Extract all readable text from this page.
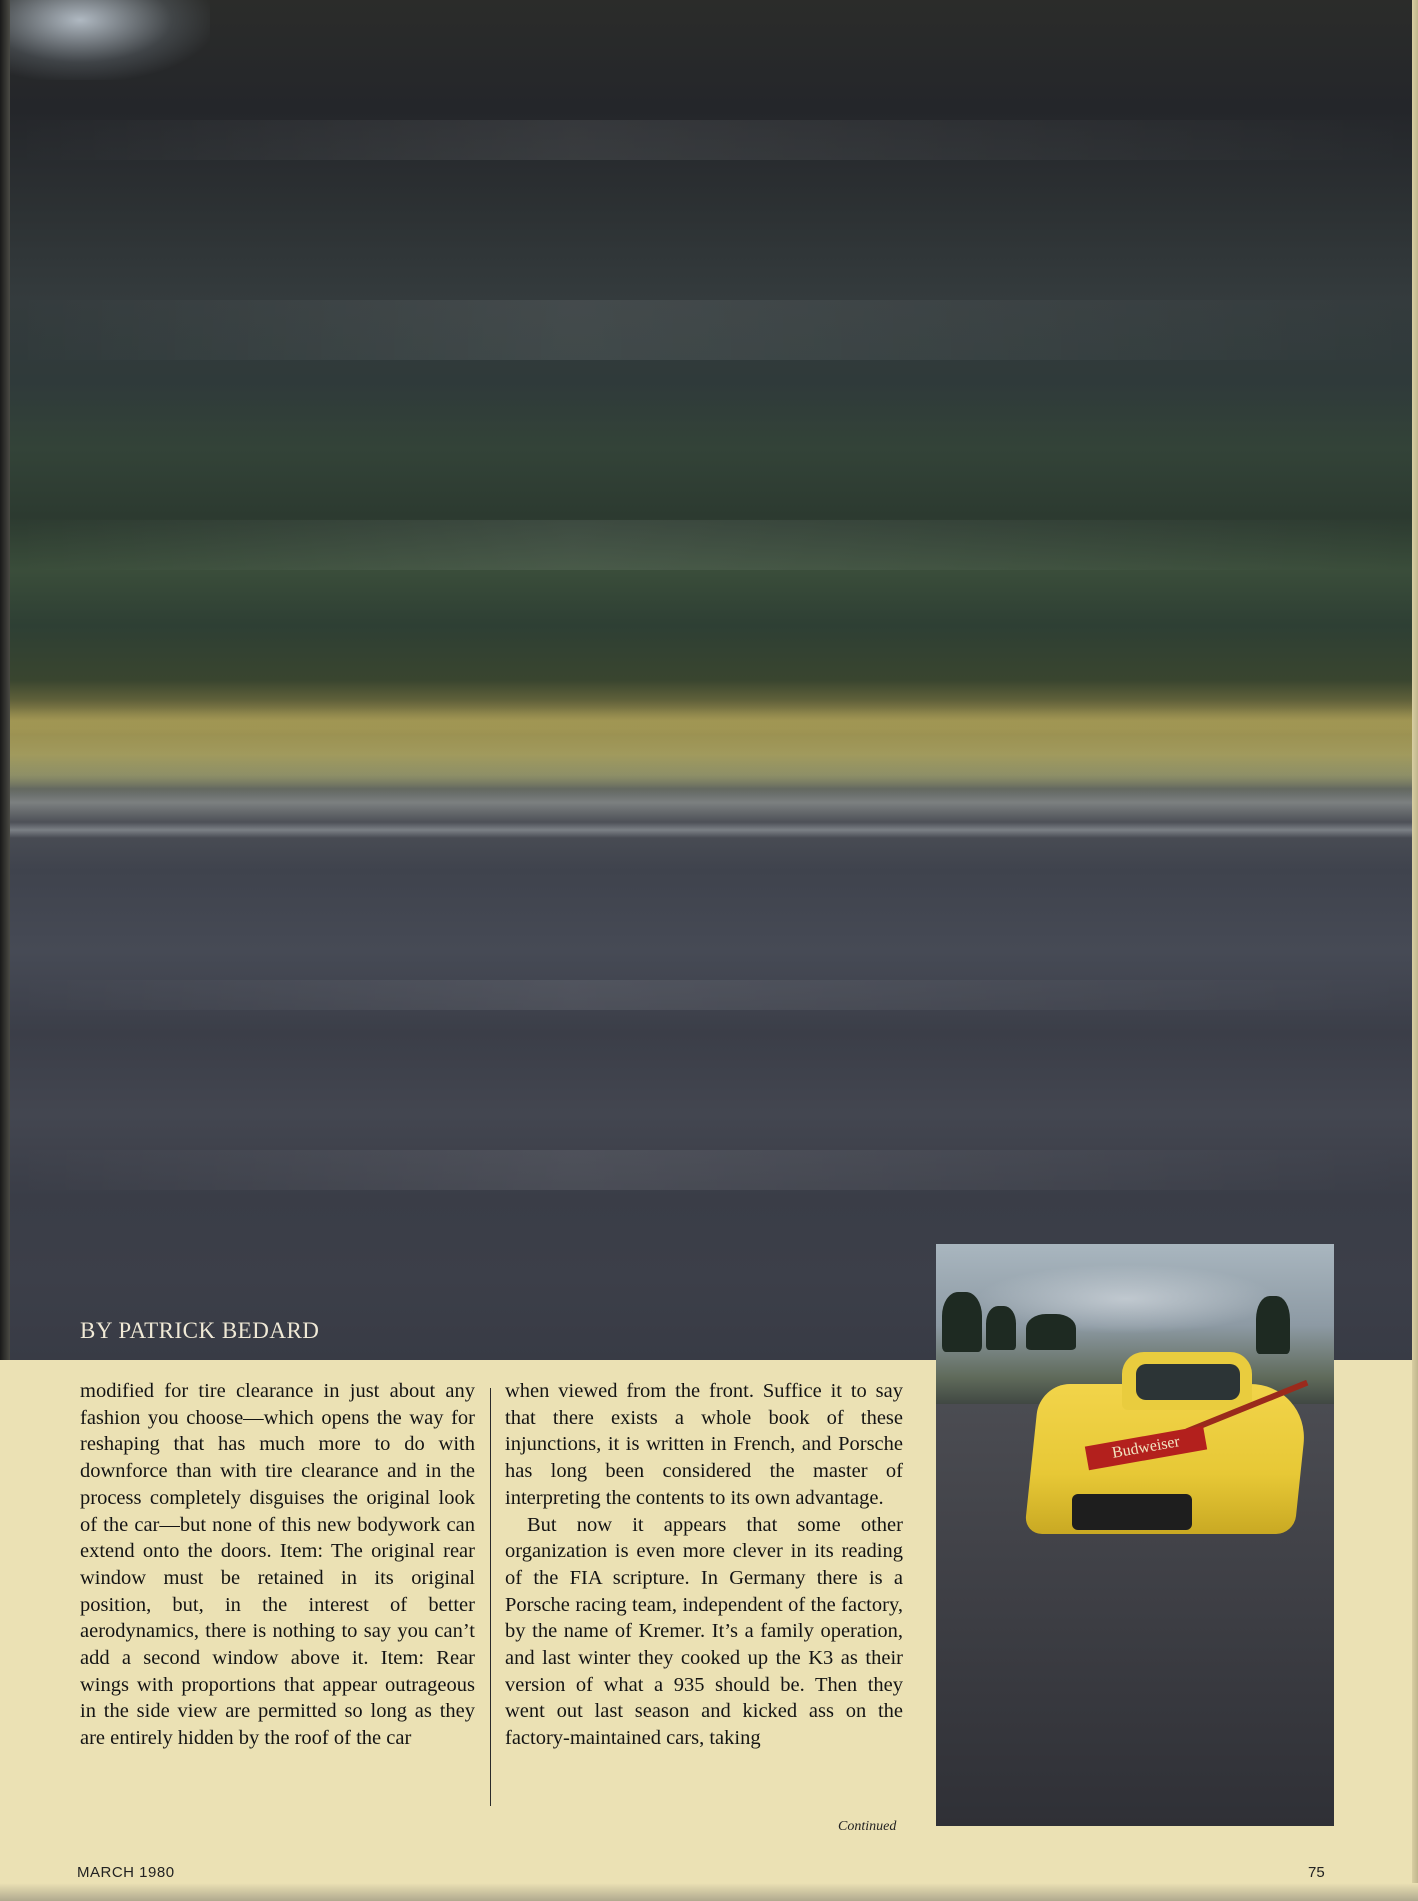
BY PATRICK BEDARD
Budweiser

modified for tire clearance in just about any fashion you choose—which opens the way for reshaping that has much more to do with downforce than with tire clearance and in the process completely disguises the original look of the car—but none of this new bodywork can extend onto the doors. Item: The original rear window must be retained in its original position, but, in the interest of better aerodynamics, there is nothing to say you can’t add a second window above it. Item: Rear wings with proportions that appear outrageous in the side view are permitted so long as they are entirely hidden by the roof of the car

when viewed from the front. Suffice it to say that there exists a whole book of these injunctions, it is written in French, and Porsche has long been considered the master of interpreting the contents to its own advantage.

But now it appears that some other organization is even more clever in its reading of the FIA scripture. In Germany there is a Porsche racing team, independent of the factory, by the name of Kremer. It’s a family operation, and last winter they cooked up the K3 as their version of what a 935 should be. Then they went out last season and kicked ass on the factory-maintained cars, taking

Continued
MARCH 1980	75
